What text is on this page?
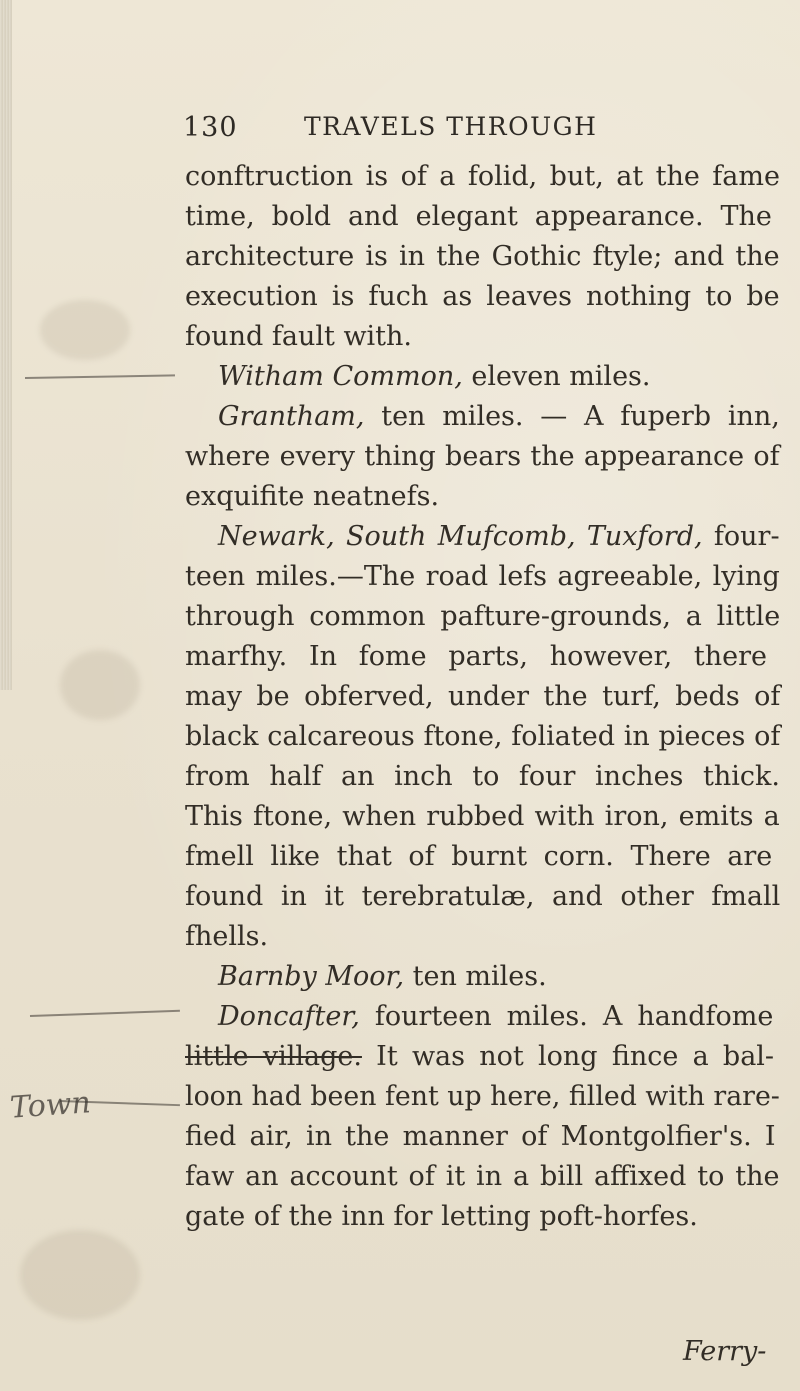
130	TRAVELS THROUGH
conftruction is of a folid, but, at the fame
time, bold and elegant appearance. The
architecture is in the Gothic ftyle; and the
execution is fuch as leaves nothing to be
found fault with.
Witham Common, eleven miles.
Grantham, ten miles. — A fuperb inn,
where every thing bears the appearance of
exquifite neatnefs.
Newark, South Mufcomb, Tuxford, four-
teen miles.—The road lefs agreeable, lying
through common pafture-grounds, a little
marfhy. In fome parts, however, there
may be obferved, under the turf, beds of
black calcareous ftone, foliated in pieces of
from half an inch to four inches thick.
This ftone, when rubbed with iron, emits a
fmell like that of burnt corn. There are
found in it terebratulæ, and other fmall
fhells.
Barnby Moor, ten miles.
Doncafter, fourteen miles. A handfome
little village. It was not long fince a bal-
loon had been fent up here, filled with rare-
fied air, in the manner of Montgolfier's. I
faw an account of it in a bill affixed to the
gate of the inn for letting poft-horfes.
Town
Ferry-
